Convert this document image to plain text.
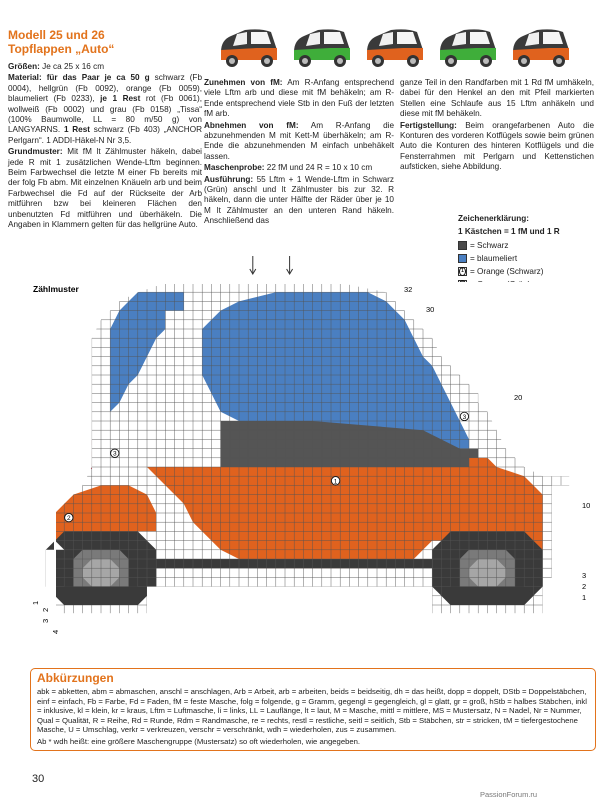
Modell 25 und 26
Topflappen „Auto“

Größen: Je ca 25 x 16 cm

Material: für das Paar je ca 50 g schwarz (Fb 0004), hellgrün (Fb 0092), orange (Fb 0059), blaumeliert (Fb 0233), je 1 Rest rot (Fb 0061), wollweiß (Fb 0002) und grau (Fb 0158) „Tissa“ (100% Baumwolle, LL = 80 m/50 g) von LANGYARNS. 1 Rest schwarz (Fb 403) „ANCHOR Perlgarn“. 1 ADDI-Häkel-N Nr 3,5.

Grundmuster: Mit fM lt Zählmuster häkeln, dabei jede R mit 1 zusätzlichen Wende-Lftm beginnen. Beim Farbwechsel die letzte M einer Fb bereits mit der folg Fb abm. Mit einzelnen Knäueln arb und beim Farbwechsel die Fd auf der Rückseite der Arb mitführen bzw bei kleineren Flächen den unbenutzten Fd mitführen und überhäkeln. Die Angaben in Klammern gelten für das hellgrüne Auto.

Zunehmen von fM: Am R-Anfang entsprechend viele Lftm arb und diese mit fM behäkeln; am R-Ende entsprechend viele Stb in den Fuß der letzten fM arb.

Abnehmen von fM: Am R-Anfang die abzunehmenden M mit Kett-M überhäkeln; am R-Ende die abzunehmenden M einfach unbehäkelt lassen.

Maschenprobe: 22 fM und 24 R = 10 x 10 cm

Ausführung: 55 Lftm + 1 Wende-Lftm in Schwarz (Grün) anschl und lt Zählmuster bis zur 32. R häkeln, dann die unter Hälfte der Räder über je 10 M lt Zählmuster an den unteren Rand häkeln. Anschließend das

ganze Teil in den Randfarben mit 1 Rd fM umhäkeln, dabei für den Henkel an den mit Pfeil markierten Stellen eine Schlaufe aus 15 Lftm anhäkeln und diese mit fM behäkeln.

Fertigstellung: Beim orangefarbenen Auto die Konturen des vorderen Kotflügels sowie beim grünen Auto die Konturen des hinteren Kotflügels und die Fensterrahmen mit Perlgarn und Kettenstichen aufsticken, siehe Abbildung.

Zeichenerklärung:
1 Kästchen = 1 fM und 1 R
= Schwarz
= blaumeliert
1
= Orange (Schwarz)
2
3
Zählmuster	32
30
20
10
3
2
1
1
2
3
4
1
2
3
3
Abkürzungen
abk = abketten, abm = abmaschen, anschl = anschlagen, Arb = Arbeit, arb = arbeiten, beids = beidseitig, dh = das heißt, dopp = doppelt, DStb = Doppelstäbchen, einf = einfach, Fb = Farbe, Fd = Faden, fM = feste Masche, folg = folgende, g = Gramm, gegengl = gegengleich, gl = glatt, gr = groß, hStb = halbes Stäbchen, inkl = inklusive, kl = klein, kr = kraus, Lftm = Luftmasche, li = links, LL = Lauflänge, lt = laut, M = Masche, mittl = mittlere, MS = Mustersatz, N = Nadel, Nr = Nummer, Qual = Qualität, R = Reihe, Rd = Runde, Rdm = Randmasche, re = rechts, restl = restliche, seitl = seitlich, Stb = Stäbchen, str = stricken, tM = tiefergestochene Masche, U = Umschlag, verkr = verkreuzen, verschr = verschränkt, wdh = wiederholen, zus = zusammen.
Ab * wdh heißt: eine größere Maschengruppe (Mustersatz) so oft wiederholen, wie angegeben.
30
PassionForum.ru
